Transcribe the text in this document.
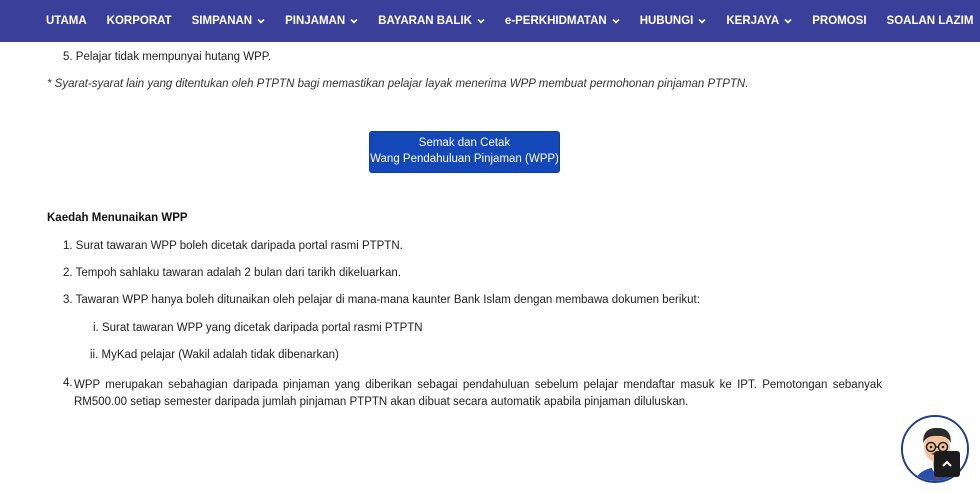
UTAMA KORPORAT SIMPANAN	PINJAMAN	BAYARAN BALIK	e-PERKHIDMATAN	HUBUNGI	KERJAYA	PROMOSI SOALAN LAZIM
5. Pelajar tidak mempunyai hutang WPP.
* Syarat-syarat lain yang ditentukan oleh PTPTN bagi memastikan pelajar layak menerima WPP membuat permohonan pinjaman PTPTN.
Semak dan Cetak
Wang Pendahuluan Pinjaman (WPP)
Kaedah Menunaikan WPP
1. Surat tawaran WPP boleh dicetak daripada portal rasmi PTPTN.
2. Tempoh sahlaku tawaran adalah 2 bulan dari tarikh dikeluarkan.
3. Tawaran WPP hanya boleh ditunaikan oleh pelajar di mana-mana kaunter Bank Islam dengan membawa dokumen berikut:
i. Surat tawaran WPP yang dicetak daripada portal rasmi PTPTN
ii. MyKad pelajar (Wakil adalah tidak dibenarkan)
4. WPP merupakan sebahagian daripada pinjaman yang diberikan sebagai pendahuluan sebelum pelajar mendaftar masuk ke IPT. Pemotongan sebanyak RM500.00 setiap semester daripada jumlah pinjaman PTPTN akan dibuat secara automatik apabila pinjaman diluluskan.
